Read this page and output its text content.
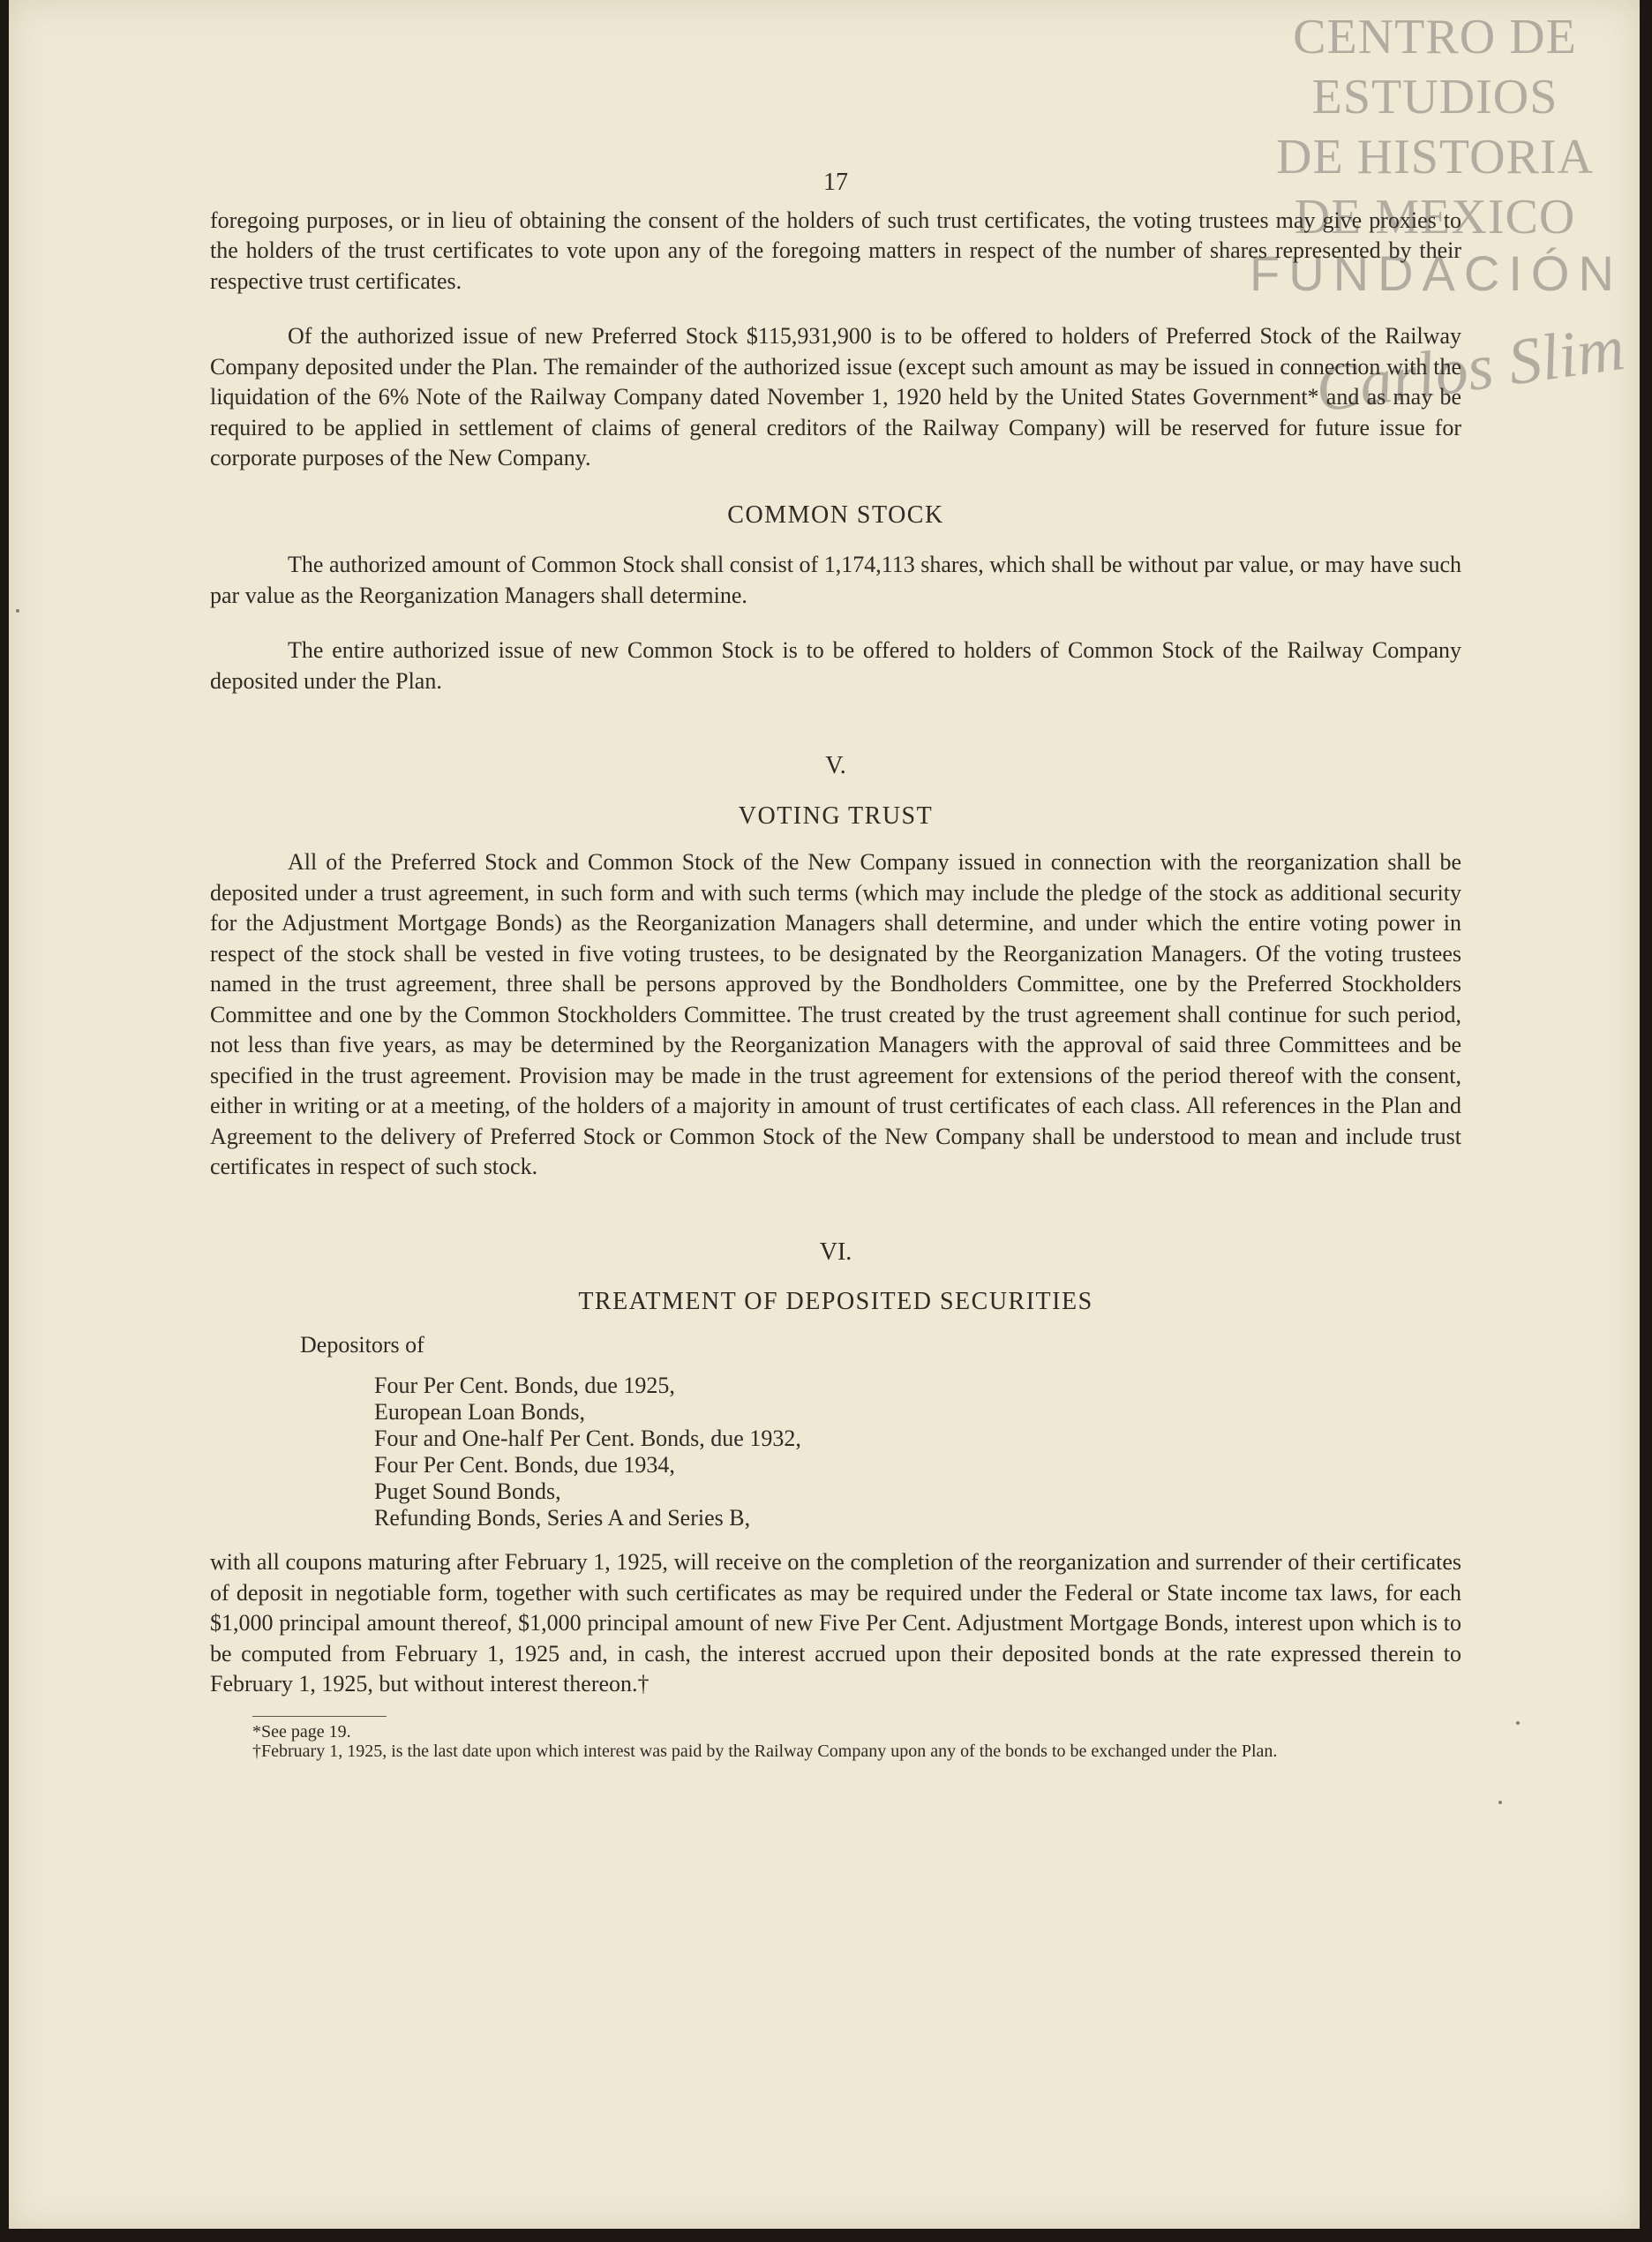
CENTRO DE
ESTUDIOS
DE HISTORIA
DE MEXICO
FUNDACIÓN
Carlos Slim
17

foregoing purposes, or in lieu of obtaining the consent of the holders of such trust certificates, the voting trustees may give proxies to the holders of the trust certificates to vote upon any of the foregoing matters in respect of the number of shares represented by their respective trust certificates.

Of the authorized issue of new Preferred Stock $115,931,900 is to be offered to holders of Preferred Stock of the Railway Company deposited under the Plan. The remainder of the authorized issue (except such amount as may be issued in connection with the liquidation of the 6% Note of the Railway Company dated November 1, 1920 held by the United States Government* and as may be required to be applied in settlement of claims of general creditors of the Railway Company) will be reserved for future issue for corporate purposes of the New Company.

COMMON STOCK

The authorized amount of Common Stock shall consist of 1,174,113 shares, which shall be without par value, or may have such par value as the Reorganization Managers shall determine.

The entire authorized issue of new Common Stock is to be offered to holders of Common Stock of the Railway Company deposited under the Plan.

V.
VOTING TRUST

All of the Preferred Stock and Common Stock of the New Company issued in connection with the reorganization shall be deposited under a trust agreement, in such form and with such terms (which may include the pledge of the stock as additional security for the Adjustment Mortgage Bonds) as the Reorganization Managers shall determine, and under which the entire voting power in respect of the stock shall be vested in five voting trustees, to be designated by the Reorganization Managers. Of the voting trustees named in the trust agreement, three shall be persons approved by the Bondholders Committee, one by the Preferred Stockholders Committee and one by the Common Stockholders Committee. The trust created by the trust agreement shall continue for such period, not less than five years, as may be determined by the Reorganization Managers with the approval of said three Committees and be specified in the trust agreement. Provision may be made in the trust agreement for extensions of the period thereof with the consent, either in writing or at a meeting, of the holders of a majority in amount of trust certificates of each class. All references in the Plan and Agreement to the delivery of Preferred Stock or Common Stock of the New Company shall be understood to mean and include trust certificates in respect of such stock.

VI.
TREATMENT OF DEPOSITED SECURITIES
Depositors of
Four Per Cent. Bonds, due 1925,
European Loan Bonds,
Four and One-half Per Cent. Bonds, due 1932,
Four Per Cent. Bonds, due 1934,
Puget Sound Bonds,
Refunding Bonds, Series A and Series B,

with all coupons maturing after February 1, 1925, will receive on the completion of the reorganization and surrender of their certificates of deposit in negotiable form, together with such certificates as may be required under the Federal or State income tax laws, for each $1,000 principal amount thereof, $1,000 principal amount of new Five Per Cent. Adjustment Mortgage Bonds, interest upon which is to be computed from February 1, 1925 and, in cash, the interest accrued upon their deposited bonds at the rate expressed therein to February 1, 1925, but without interest thereon.†

*See page 19.

†February 1, 1925, is the last date upon which interest was paid by the Railway Company upon any of the bonds to be exchanged under the Plan.
